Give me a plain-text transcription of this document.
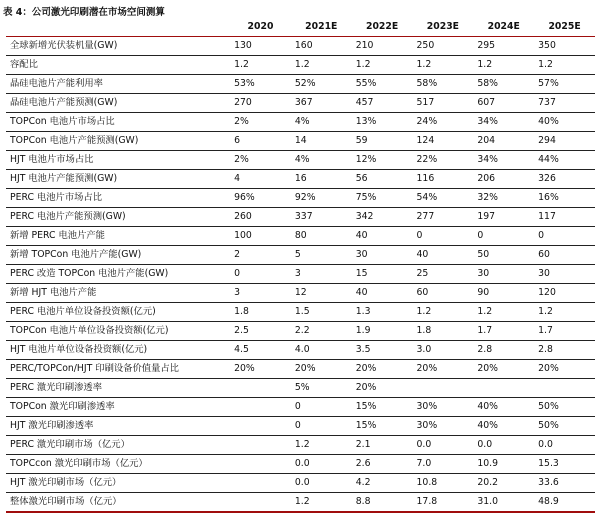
表 4：公司激光印刷潜在市场空间测算
	2020	2021E	2022E	2023E	2024E	2025E
全球新增光伏装机量(GW)	130	160	210	250	295	350
容配比	1.2	1.2	1.2	1.2	1.2	1.2
晶硅电池片产能利用率	53%	52%	55%	58%	58%	57%
晶硅电池片产能预测(GW)	270	367	457	517	607	737
TOPCon 电池片市场占比	2%	4%	13%	24%	34%	40%
TOPCon 电池片产能预测(GW)	6	14	59	124	204	294
HJT 电池片市场占比	2%	4%	12%	22%	34%	44%
HJT 电池片产能预测(GW)	4	16	56	116	206	326
PERC 电池片市场占比	96%	92%	75%	54%	32%	16%
PERC 电池片产能预测(GW)	260	337	342	277	197	117
新增 PERC 电池片产能	100	80	40	0	0	0
新增 TOPCon 电池片产能(GW)	2	5	30	40	50	60
PERC 改造 TOPCon 电池片产能(GW)	0	3	15	25	30	30
新增 HJT 电池片产能	3	12	40	60	90	120
PERC 电池片单位设备投资额(亿元)	1.8	1.5	1.3	1.2	1.2	1.2
TOPCon 电池片单位设备投资额(亿元)	2.5	2.2	1.9	1.8	1.7	1.7
HJT 电池片单位设备投资额(亿元)	4.5	4.0	3.5	3.0	2.8	2.8
PERC/TOPCon/HJT 印刷设备价值量占比	20%	20%	20%	20%	20%	20%
PERC 激光印刷渗透率		5%	20%			
TOPCon 激光印刷渗透率		0	15%	30%	40%	50%
HJT 激光印刷渗透率		0	15%	30%	40%	50%
PERC 激光印刷市场（亿元）		1.2	2.1	0.0	0.0	0.0
TOPCcon 激光印刷市场（亿元）		0.0	2.6	7.0	10.9	15.3
HJT 激光印刷市场（亿元）		0.0	4.2	10.8	20.2	33.6
整体激光印刷市场（亿元）		1.2	8.8	17.8	31.0	48.9
